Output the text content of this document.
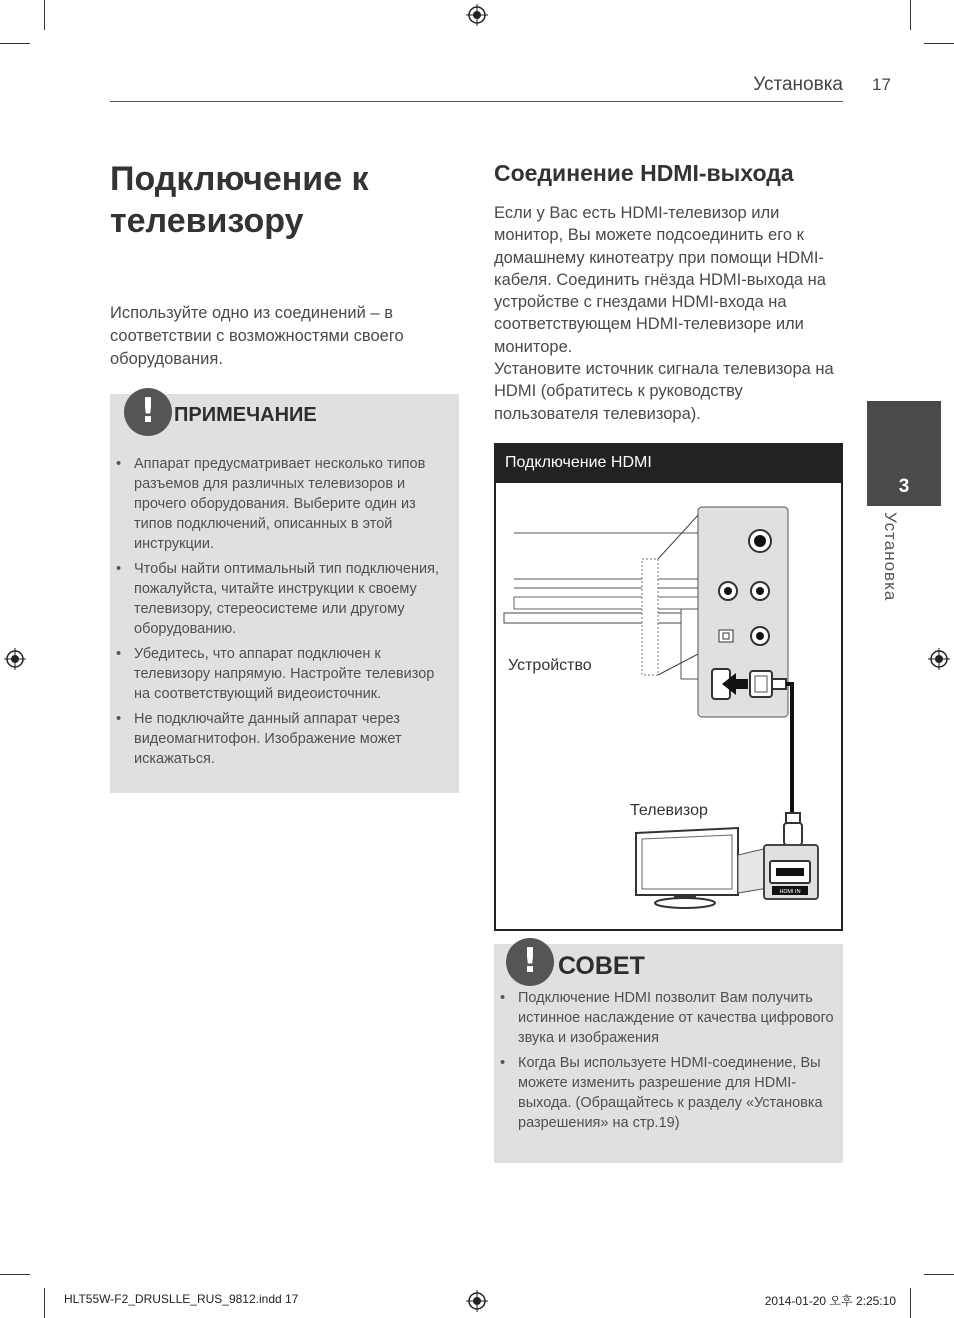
Установка 17
Подключение к
телевизору
Используйте одно из соединений – в соответствии с возможностями своего оборудования.
! ПРИМЕЧАНИЕ
• Аппарат предусматривает несколько типов разъемов для различных телевизоров и прочего оборудования. Выберите один из типов подключений, описанных в этой инструкции.
• Чтобы найти оптимальный тип подключения, пожалуйста, читайте инструкции к своему телевизору, стереосистеме или другому оборудованию.
• Убедитесь, что аппарат подключен к телевизору напрямую. Настройте телевизор на соответствующий видеоисточник.
• Не подключайте данный аппарат через видеомагнитофон. Изображение может искажаться.
Соединение HDMI-выхода
Если у Вас есть HDMI-телевизор или монитор, Вы можете подсоединить его к домашнему кинотеатру при помощи HDMI-кабеля. Соединить гнёзда HDMI-выхода на устройстве с гнездами HDMI-входа на соответствующем HDMI-телевизоре или мониторе.
Установите источник сигнала телевизора на HDMI (обратитесь к руководству пользователя телевизора).
Подключение HDMI
HDMI IN
Устройство
Телевизор
! СОВЕТ
• Подключение HDMI позволит Вам получить истинное наслаждение от качества цифрового звука и изображения
• Когда Вы используете HDMI-соединение, Вы можете изменить разрешение для HDMI-выхода. (Обращайтесь к разделу «Установка разрешения» на стр.19)
3
Установка
HLT55W-F2_DRUSLLE_RUS_9812.indd 17	2014-01-20 오후 2:25:10
